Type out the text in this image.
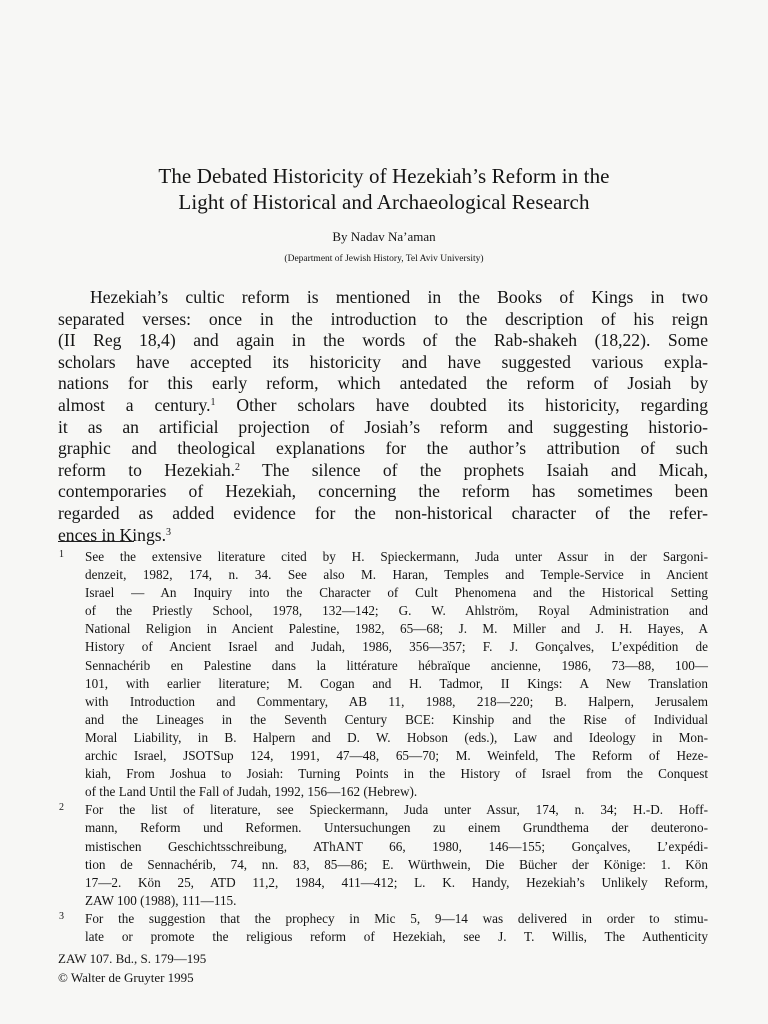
The Debated Historicity of Hezekiah’s Reform in the
Light of Historical and Archaeological Research
By Nadav Na’aman
(Department of Jewish History, Tel Aviv University)
Hezekiah’s cultic reform is mentioned in the Books of Kings in two
separated verses: once in the introduction to the description of his reign
(II Reg 18,4) and again in the words of the Rab-shakeh (18,22). Some
scholars have accepted its historicity and have suggested various expla-
nations for this early reform, which antedated the reform of Josiah by
almost a century.$^1$ Other scholars have doubted its historicity, regarding
it as an artificial projection of Josiah’s reform and suggesting historio-
graphic and theological explanations for the author’s attribution of such
reform to Hezekiah.$^2$ The silence of the prophets Isaiah and Micah,
contemporaries of Hezekiah, concerning the reform has sometimes been
regarded as added evidence for the non-historical character of the refer-
ences in Kings.$^3$
1 See the extensive literature cited by H. Spieckermann, Juda unter Assur in der Sargoni-
denzeit, 1982, 174, n. 34. See also M. Haran, Temples and Temple-Service in Ancient
Israel — An Inquiry into the Character of Cult Phenomena and the Historical Setting
of the Priestly School, 1978, 132—142; G. W. Ahlström, Royal Administration and
National Religion in Ancient Palestine, 1982, 65—68; J. M. Miller and J. H. Hayes, A
History of Ancient Israel and Judah, 1986, 356—357; F. J. Gonçalves, L’expédition de
Sennachérib en Palestine dans la littérature hébraïque ancienne, 1986, 73—88, 100—
101, with earlier literature; M. Cogan and H. Tadmor, II Kings: A New Translation
with Introduction and Commentary, AB 11, 1988, 218—220; B. Halpern, Jerusalem
and the Lineages in the Seventh Century BCE: Kinship and the Rise of Individual
Moral Liability, in B. Halpern and D. W. Hobson (eds.), Law and Ideology in Mon-
archic Israel, JSOTSup 124, 1991, 47—48, 65—70; M. Weinfeld, The Reform of Heze-
kiah, From Joshua to Josiah: Turning Points in the History of Israel from the Conquest
of the Land Until the Fall of Judah, 1992, 156—162 (Hebrew).
2 For the list of literature, see Spieckermann, Juda unter Assur, 174, n. 34; H.-D. Hoff-
mann, Reform und Reformen. Untersuchungen zu einem Grundthema der deuterono-
mistischen Geschichtsschreibung, AThANT 66, 1980, 146—155; Gonçalves, L’expédi-
tion de Sennachérib, 74, nn. 83, 85—86; E. Würthwein, Die Bücher der Könige: 1. Kön
17—2. Kön 25, ATD 11,2, 1984, 411—412; L. K. Handy, Hezekiah’s Unlikely Reform,
ZAW 100 (1988), 111—115.
3 For the suggestion that the prophecy in Mic 5, 9—14 was delivered in order to stimu-
late or promote the religious reform of Hezekiah, see J. T. Willis, The Authenticity
ZAW 107. Bd., S. 179—195
© Walter de Gruyter 1995
